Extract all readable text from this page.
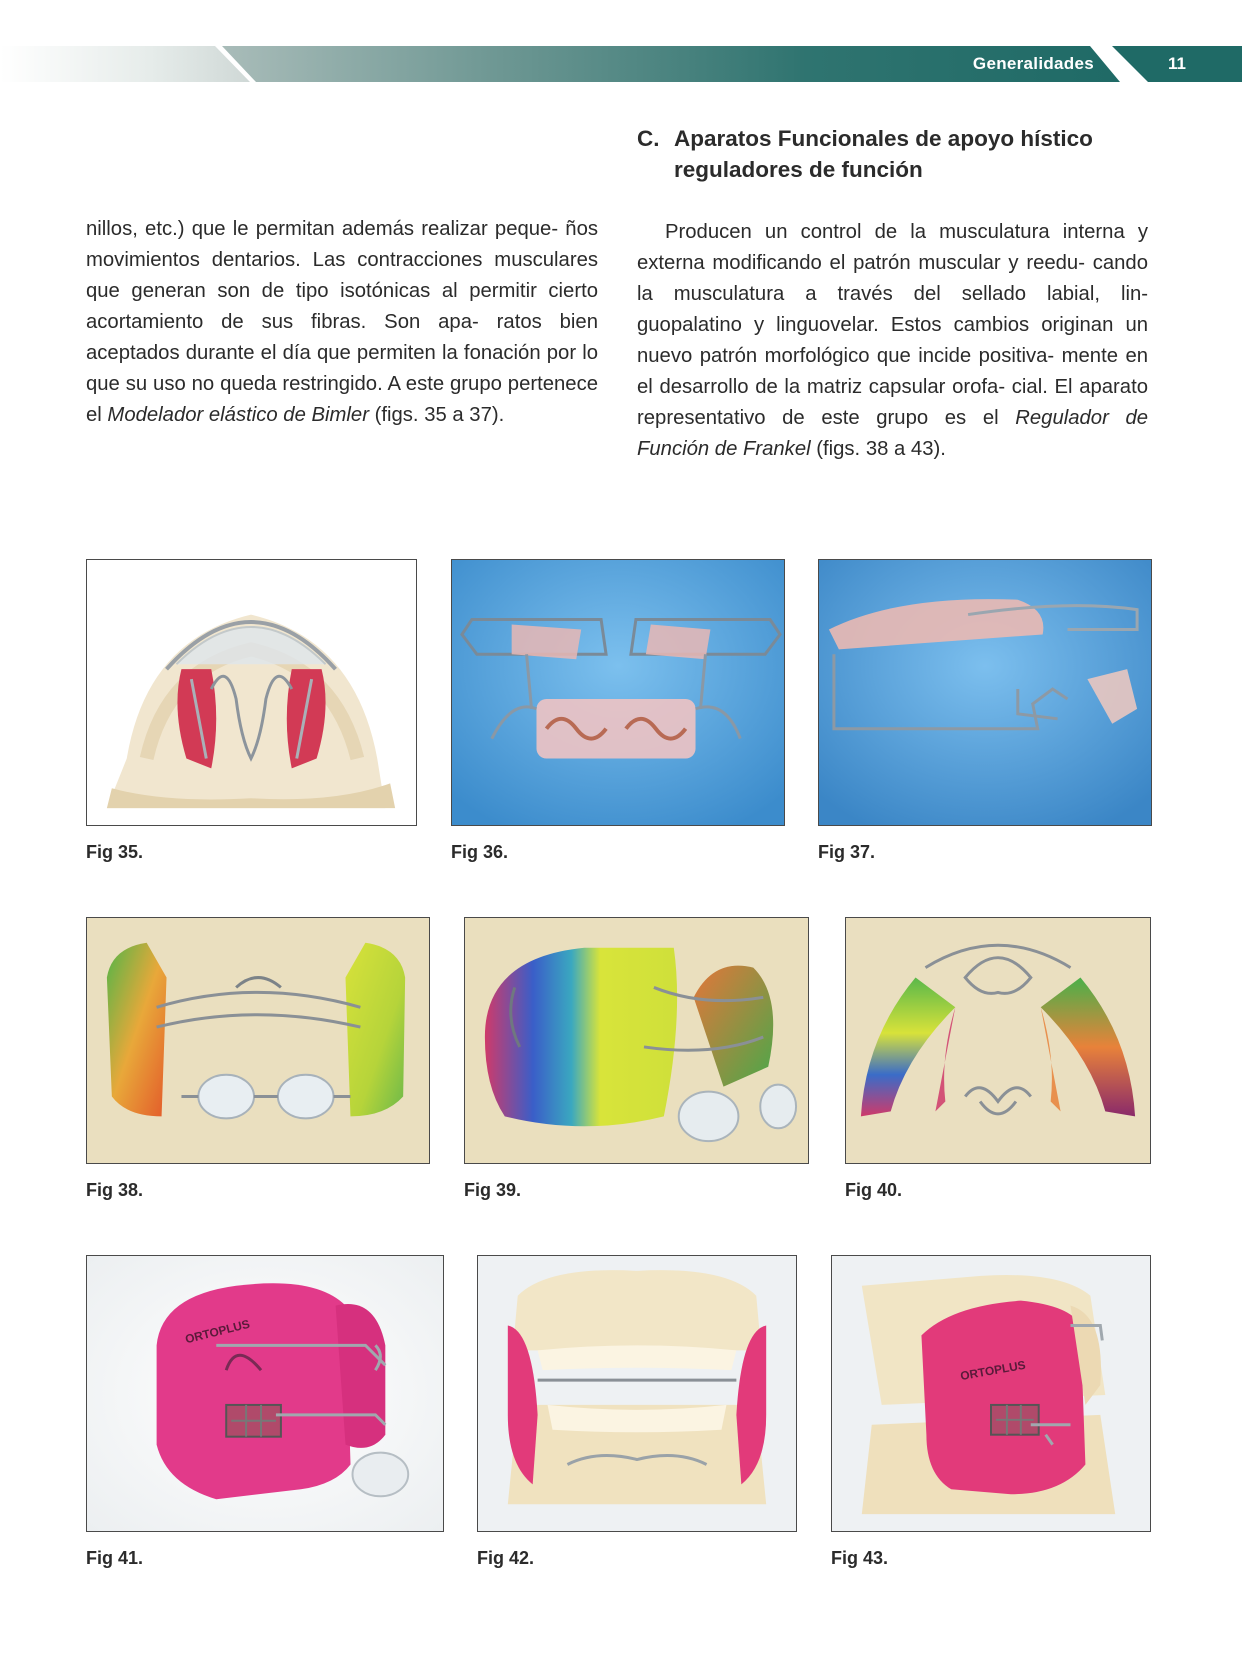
Generalidades	11

nillos, etc.) que le permitan además realizar peque- ños movimientos dentarios. Las contracciones musculares que generan son de tipo isotónicas al permitir cierto acortamiento de sus fibras. Son apa- ratos bien aceptados durante el día que permiten la fonación por lo que su uso no queda restringido. A este grupo pertenece el Modelador elástico de Bimler (figs. 35 a 37).

C. Aparatos Funcionales de apoyo hístico
reguladores de función

Producen un control de la musculatura interna y externa modificando el patrón muscular y reedu- cando la musculatura a través del sellado labial, lin- guopalatino y linguovelar. Estos cambios originan un nuevo patrón morfológico que incide positiva- mente en el desarrollo de la matriz capsular orofa- cial. El aparato representativo de este grupo es el Regulador de Función de Frankel (figs. 38 a 43).

Fig 35.	Fig 36.	Fig 37.
Fig 38.	Fig 39.	Fig 40.
ORTOPLUS
Fig 41.	Fig 42.
ORTOPLUS
Fig 43.
